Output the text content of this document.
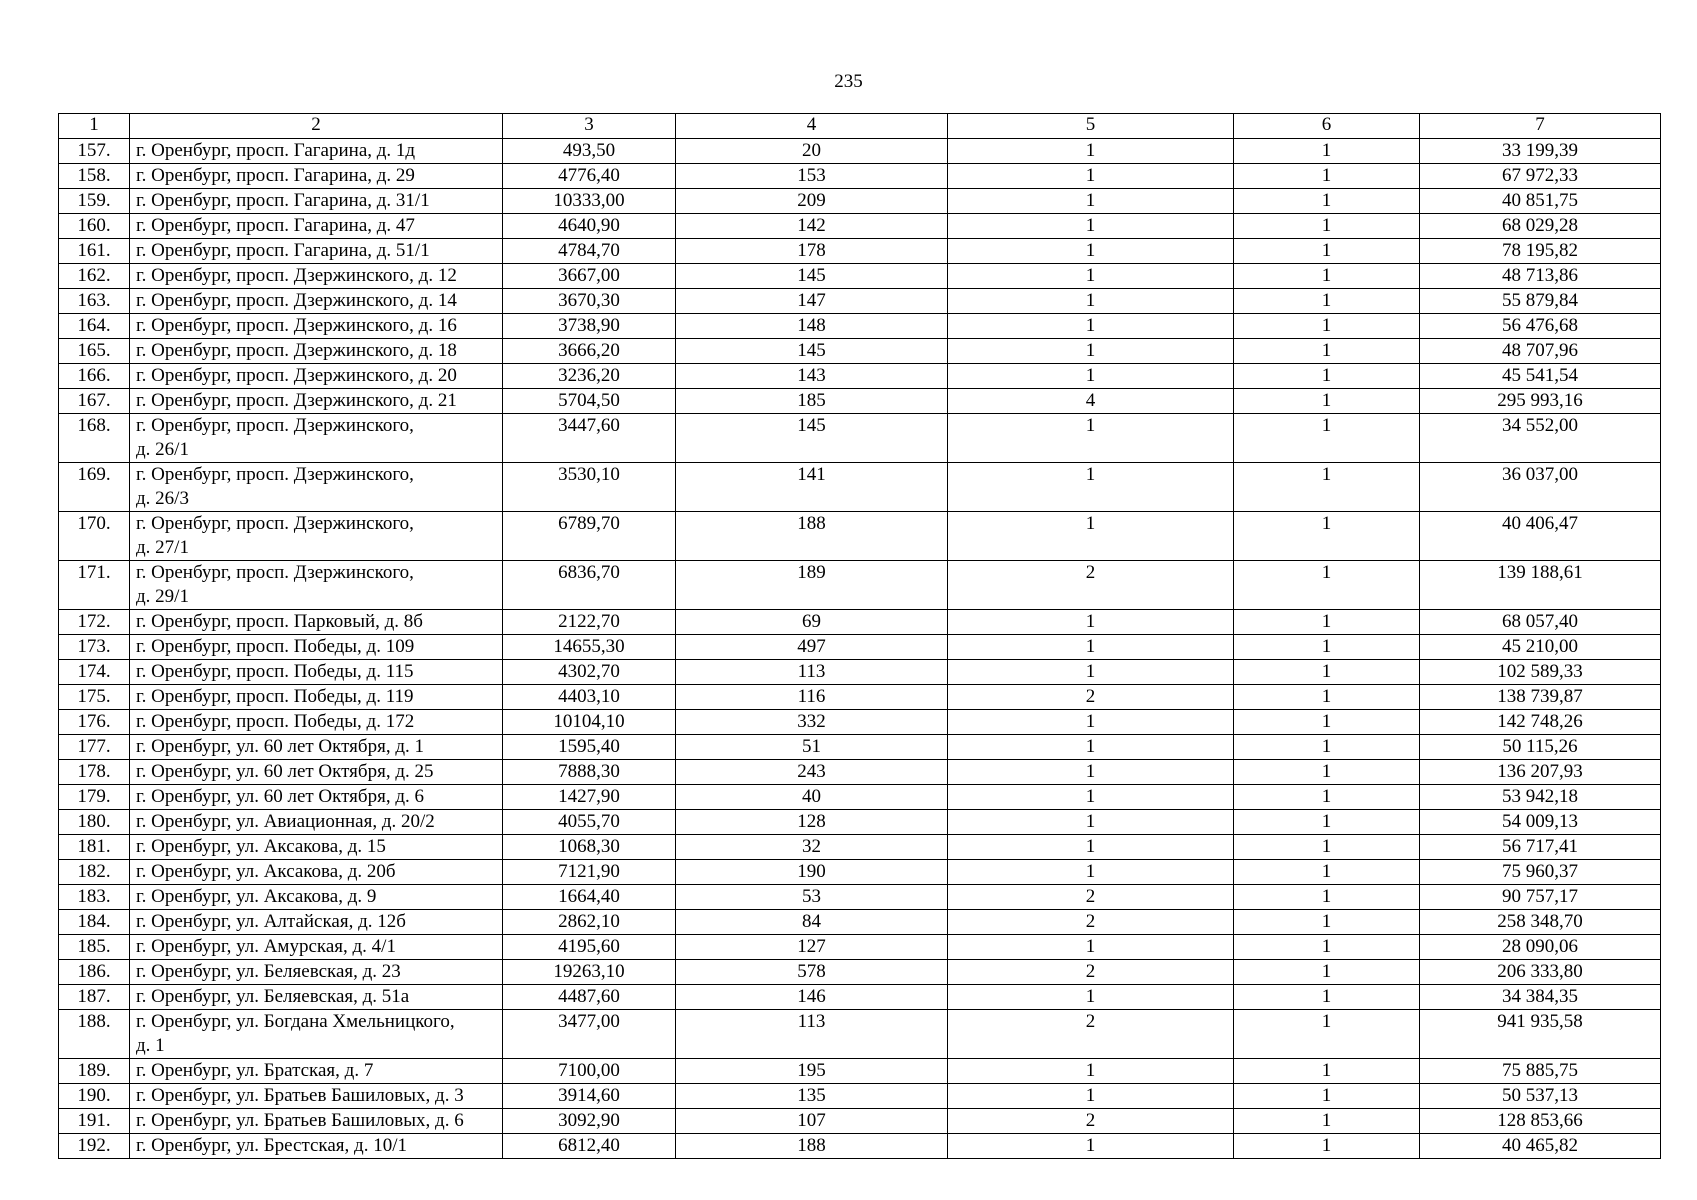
235
1	2	3	4	5	6	7
157.	г. Оренбург, просп. Гагарина, д. 1д	493,50	20	1	1	33 199,39
158.	г. Оренбург, просп. Гагарина, д. 29	4776,40	153	1	1	67 972,33
159.	г. Оренбург, просп. Гагарина, д. 31/1	10333,00	209	1	1	40 851,75
160.	г. Оренбург, просп. Гагарина, д. 47	4640,90	142	1	1	68 029,28
161.	г. Оренбург, просп. Гагарина, д. 51/1	4784,70	178	1	1	78 195,82
162.	г. Оренбург, просп. Дзержинского, д. 12	3667,00	145	1	1	48 713,86
163.	г. Оренбург, просп. Дзержинского, д. 14	3670,30	147	1	1	55 879,84
164.	г. Оренбург, просп. Дзержинского, д. 16	3738,90	148	1	1	56 476,68
165.	г. Оренбург, просп. Дзержинского, д. 18	3666,20	145	1	1	48 707,96
166.	г. Оренбург, просп. Дзержинского, д. 20	3236,20	143	1	1	45 541,54
167.	г. Оренбург, просп. Дзержинского, д. 21	5704,50	185	4	1	295 993,16
168.	г. Оренбург, просп. Дзержинского,
д. 26/1	3447,60	145	1	1	34 552,00
169.	г. Оренбург, просп. Дзержинского,
д. 26/3	3530,10	141	1	1	36 037,00
170.	г. Оренбург, просп. Дзержинского,
д. 27/1	6789,70	188	1	1	40 406,47
171.	г. Оренбург, просп. Дзержинского,
д. 29/1	6836,70	189	2	1	139 188,61
172.	г. Оренбург, просп. Парковый, д. 8б	2122,70	69	1	1	68 057,40
173.	г. Оренбург, просп. Победы, д. 109	14655,30	497	1	1	45 210,00
174.	г. Оренбург, просп. Победы, д. 115	4302,70	113	1	1	102 589,33
175.	г. Оренбург, просп. Победы, д. 119	4403,10	116	2	1	138 739,87
176.	г. Оренбург, просп. Победы, д. 172	10104,10	332	1	1	142 748,26
177.	г. Оренбург, ул. 60 лет Октября, д. 1	1595,40	51	1	1	50 115,26
178.	г. Оренбург, ул. 60 лет Октября, д. 25	7888,30	243	1	1	136 207,93
179.	г. Оренбург, ул. 60 лет Октября, д. 6	1427,90	40	1	1	53 942,18
180.	г. Оренбург, ул. Авиационная, д. 20/2	4055,70	128	1	1	54 009,13
181.	г. Оренбург, ул. Аксакова, д. 15	1068,30	32	1	1	56 717,41
182.	г. Оренбург, ул. Аксакова, д. 20б	7121,90	190	1	1	75 960,37
183.	г. Оренбург, ул. Аксакова, д. 9	1664,40	53	2	1	90 757,17
184.	г. Оренбург, ул. Алтайская, д. 12б	2862,10	84	2	1	258 348,70
185.	г. Оренбург, ул. Амурская, д. 4/1	4195,60	127	1	1	28 090,06
186.	г. Оренбург, ул. Беляевская, д. 23	19263,10	578	2	1	206 333,80
187.	г. Оренбург, ул. Беляевская, д. 51а	4487,60	146	1	1	34 384,35
188.	г. Оренбург, ул. Богдана Хмельницкого,
д. 1	3477,00	113	2	1	941 935,58
189.	г. Оренбург, ул. Братская, д. 7	7100,00	195	1	1	75 885,75
190.	г. Оренбург, ул. Братьев Башиловых, д. 3	3914,60	135	1	1	50 537,13
191.	г. Оренбург, ул. Братьев Башиловых, д. 6	3092,90	107	2	1	128 853,66
192.	г. Оренбург, ул. Брестская, д. 10/1	6812,40	188	1	1	40 465,82
